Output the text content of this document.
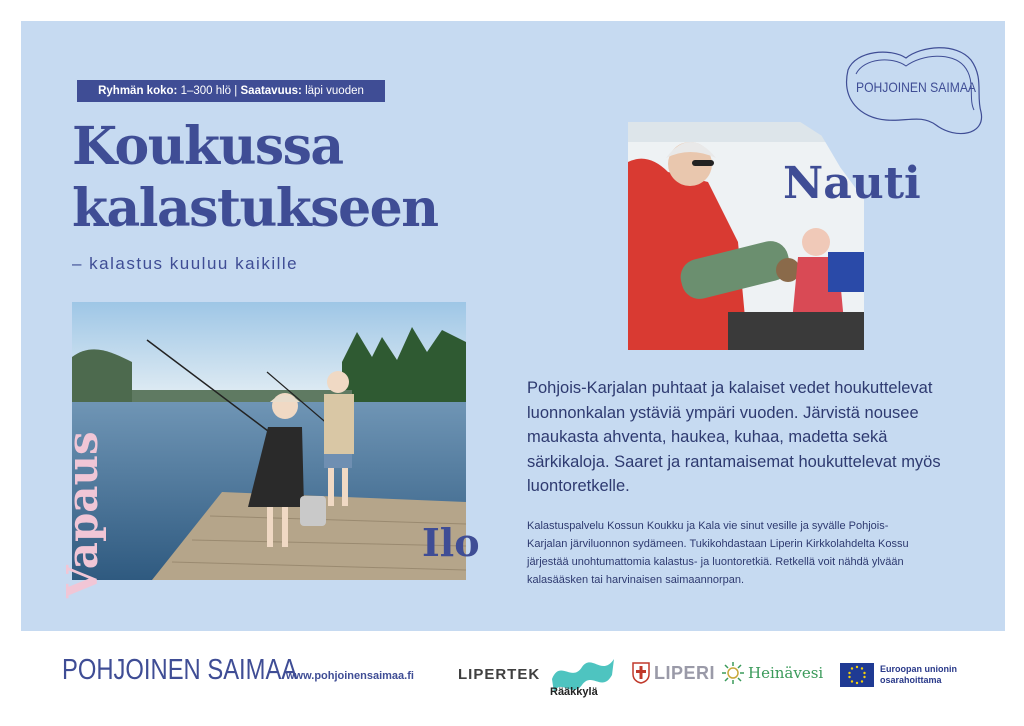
POHJOINEN SAIMAA
Ryhmän koko: 1–300 hlö | Saatavuus: läpi vuoden
Koukussa
kalastukseen
– kalastus kuuluu kaikille
Nauti
Ilo
Vapaus

Pohjois-Karjalan puhtaat ja kalaiset vedet houkuttelevat luonnonkalan ystäviä ympäri vuoden. Järvistä nousee maukasta ahventa, haukea, kuhaa, madetta sekä särkikaloja. Saaret ja rantamaisemat houkuttelevat myös luontoretkelle.

Kalastuspalvelu Kossun Koukku ja Kala vie sinut vesille ja syvälle Pohjois-Karjalan järviluonnon sydämeen. Tukikohdastaan Liperin Kirkkolahdelta Kossu järjestää unohtumattomia kalastus- ja luontoretkiä. Retkellä voit nähdä ylvään kalasääsken tai harvinaisen saimaannorpan.

POHJOINEN SAIMAA
www.pohjoinensaimaa.fi	LIPERTEK
Rääkkylä
LIPERI Heinävesi	Euroopan unionin
osarahoittama
